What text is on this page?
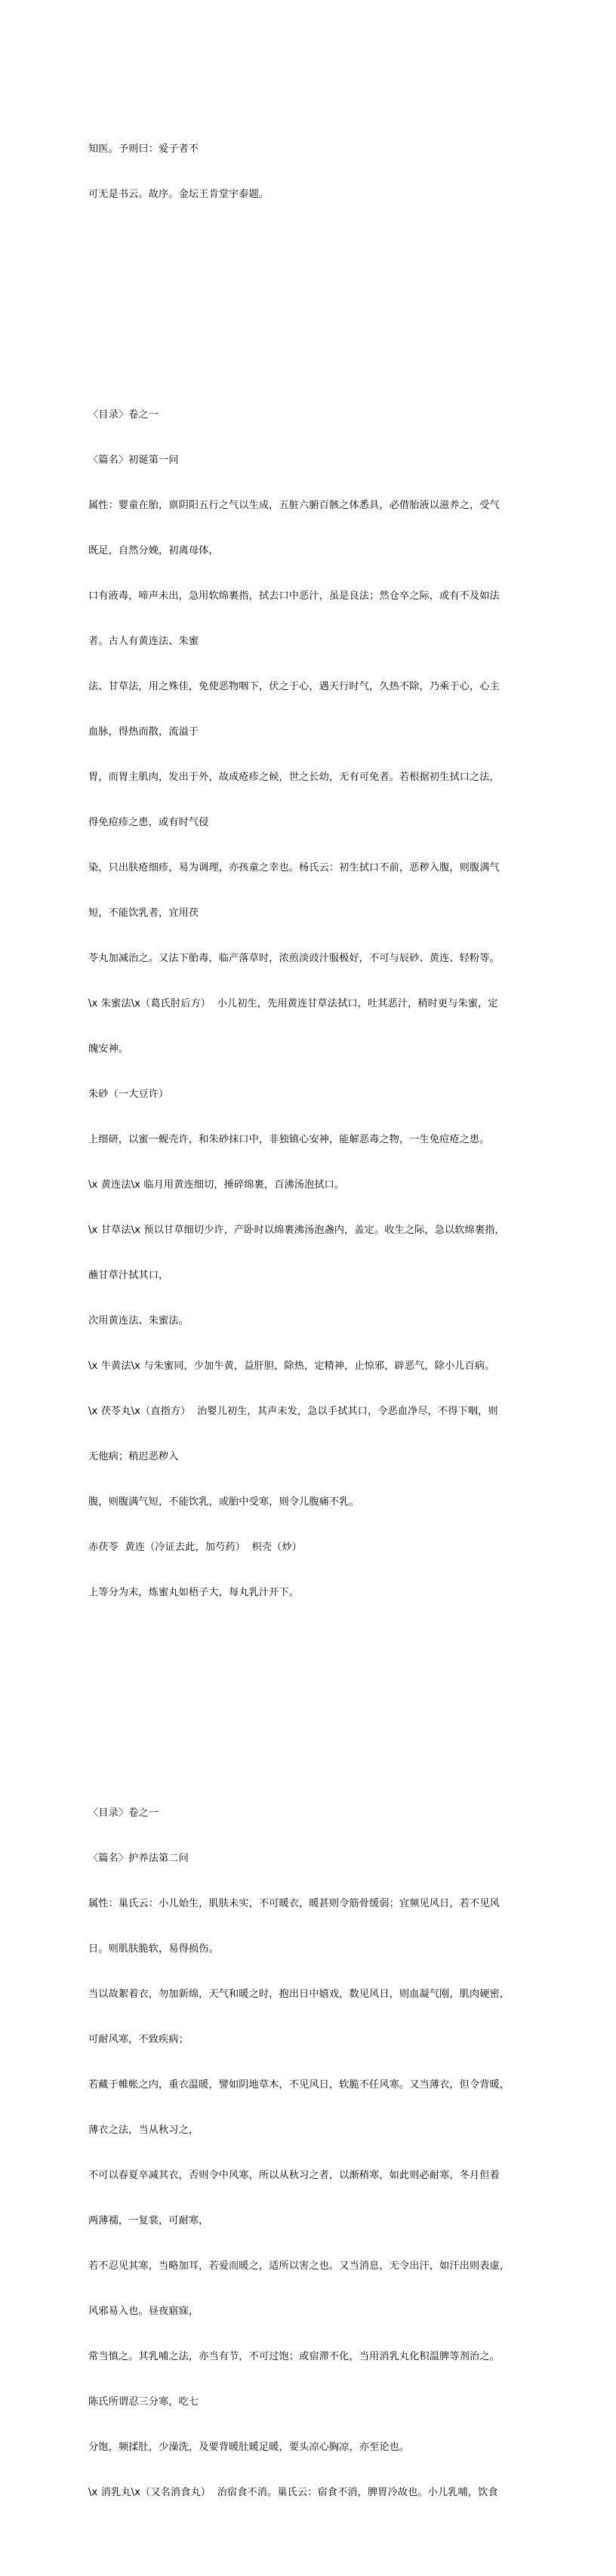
知医。予则曰：爱子者不

可无是书云。故序。金坛王肯堂宇泰题。

〈目录〉卷之一

〈篇名〉初诞第一问

属性：婴童在胎，禀阴阳五行之气以生成，五脏六腑百骸之体悉具，必借胎液以滋养之，受气

既足，自然分娩，初离母体，

口有液毒，啼声未出，急用软绵裹指，拭去口中恶汁，虽是良法；然仓卒之际，或有不及如法

者。古人有黄连法、朱蜜

法、甘草法，用之殊佳，免使恶物咽下，伏之于心，遇天行时气，久热不除，乃乘于心，心主

血脉，得热而散，流溢于

胃，而胃主肌肉，发出于外，故成疮疹之候，世之长幼，无有可免者。若根据初生拭口之法，

得免痘疹之患，或有时气侵

染，只出肤疮细疹，易为调理，亦孩童之幸也。杨氏云：初生拭口不前，恶秽入腹，则腹满气

短，不能饮乳者，宜用茯

苓丸加减治之。又法下胎毒，临产落草时，浓煎淡豉汁服极好，不可与辰砂、黄连、轻粉等。

\x 朱蜜法\x（葛氏肘后方）  小儿初生，先用黄连甘草法拭口，吐其恶汁，稍时更与朱蜜，定

魄安神。

朱砂（一大豆许）

上细研，以蜜一蚬壳许，和朱砂抹口中，非独镇心安神，能解恶毒之物，一生免痘疮之患。

\x 黄连法\x 临月用黄连细切，捶碎绵裹，百沸汤泡拭口。

\x 甘草法\x 预以甘草细切少许，产卧时以绵裹沸汤泡盏内，盖定。收生之际，急以软绵裹指，

蘸甘草汁拭其口，

次用黄连法、朱蜜法。

\x 牛黄法\x 与朱蜜同，少加牛黄，益肝胆，除热，定精神，止惊邪，辟恶气，除小儿百病。

\x 茯苓丸\x（直指方）  治婴儿初生，其声未发，急以手拭其口，令恶血净尽，不得下咽，则

无他病；稍迟恶秽入

腹，则腹满气短，不能饮乳，或胎中受寒，则令儿腹痛不乳。

赤茯苓  黄连（冷证去此，加芍药）  枳壳（炒）

上等分为末，炼蜜丸如梧子大，每丸乳汁开下。

〈目录〉卷之一

〈篇名〉护养法第二问

属性：巢氏云：小儿始生，肌肤未实，不可暖衣，暖甚则令筋骨缓弱；宜频见风日，若不见风

日。则肌肤脆软，易得损伤。

当以故絮着衣，勿加新绵，天气和暖之时，抱出日中嬉戏，数见风日，则血凝气刚，肌肉硬密，

可耐风寒，不致疾病；

若藏于帷帐之内，重衣温暖，譬如阴地草木，不见风日，软脆不任风寒。又当薄衣，但令背暖，

薄衣之法，当从秋习之，

不可以春夏卒减其衣，否则令中风寒，所以从秋习之者，以渐稍寒，如此则必耐寒，冬月但着

两薄襦，一复裳，可耐寒，

若不忍见其寒，当略加耳，若爱而暖之，适所以害之也。又当消息，无令出汗，如汗出则表虚，

风邪易入也。昼夜寤寐，

常当慎之。其乳哺之法，亦当有节，不可过饱；或宿滞不化，当用消乳丸化积温脾等剂治之。

陈氏所谓忍三分寒，吃七

分饱，频揉肚，少澡洗，及要背暖肚暖足暖，要头凉心胸凉，亦至论也。

\x 消乳丸\x（又名消食丸）  治宿食不消。巢氏云：宿食不消，脾胃冷故也。小儿乳哺，饮食
